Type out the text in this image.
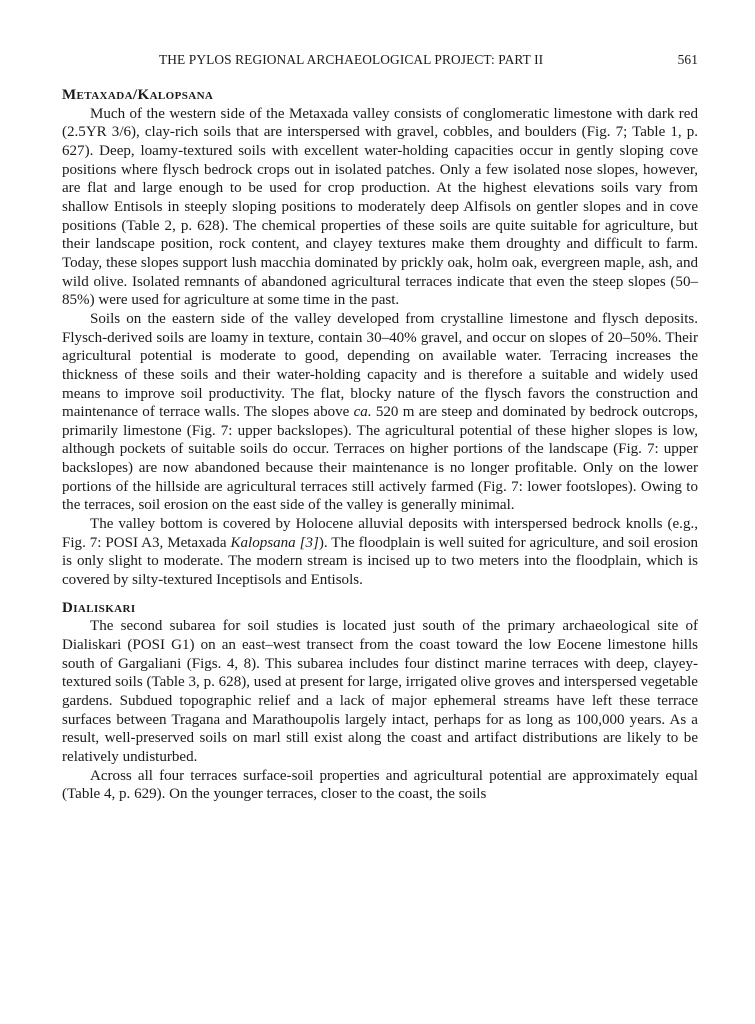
THE PYLOS REGIONAL ARCHAEOLOGICAL PROJECT: PART II	561
Metaxada/Kalopsana

Much of the western side of the Metaxada valley consists of conglomeratic limestone with dark red (2.5YR 3/6), clay-rich soils that are interspersed with gravel, cobbles, and boulders (Fig. 7; Table 1, p. 627). Deep, loamy-textured soils with excellent water-holding capacities occur in gently sloping cove positions where flysch bedrock crops out in isolated patches. Only a few isolated nose slopes, however, are flat and large enough to be used for crop production. At the highest elevations soils vary from shallow Entisols in steeply sloping positions to moderately deep Alfisols on gentler slopes and in cove positions (Table 2, p. 628). The chemical properties of these soils are quite suitable for agriculture, but their landscape position, rock content, and clayey textures make them droughty and difficult to farm. Today, these slopes support lush macchia dominated by prickly oak, holm oak, evergreen maple, ash, and wild olive. Isolated remnants of abandoned agricultural terraces indicate that even the steep slopes (50–85%) were used for agriculture at some time in the past.

Soils on the eastern side of the valley developed from crystalline limestone and flysch deposits. Flysch-derived soils are loamy in texture, contain 30–40% gravel, and occur on slopes of 20–50%. Their agricultural potential is moderate to good, depending on available water. Terracing increases the thickness of these soils and their water-holding capacity and is therefore a suitable and widely used means to improve soil productivity. The flat, blocky nature of the flysch favors the construction and maintenance of terrace walls. The slopes above ca. 520 m are steep and dominated by bedrock outcrops, primarily limestone (Fig. 7: upper backslopes). The agricultural potential of these higher slopes is low, although pockets of suitable soils do occur. Terraces on higher portions of the landscape (Fig. 7: upper backslopes) are now abandoned because their maintenance is no longer profitable. Only on the lower portions of the hillside are agricultural terraces still actively farmed (Fig. 7: lower footslopes). Owing to the terraces, soil erosion on the east side of the valley is generally minimal.

The valley bottom is covered by Holocene alluvial deposits with interspersed bedrock knolls (e.g., Fig. 7: POSI A3, Metaxada Kalopsana [3]). The floodplain is well suited for agriculture, and soil erosion is only slight to moderate. The modern stream is incised up to two meters into the floodplain, which is covered by silty-textured Inceptisols and Entisols.

Dialiskari

The second subarea for soil studies is located just south of the primary archaeological site of Dialiskari (POSI G1) on an east–west transect from the coast toward the low Eocene limestone hills south of Gargaliani (Figs. 4, 8). This subarea includes four distinct marine terraces with deep, clayey-textured soils (Table 3, p. 628), used at present for large, irrigated olive groves and interspersed vegetable gardens. Subdued topographic relief and a lack of major ephemeral streams have left these terrace surfaces between Tragana and Marathoupolis largely intact, perhaps for as long as 100,000 years. As a result, well-preserved soils on marl still exist along the coast and artifact distributions are likely to be relatively undisturbed.

Across all four terraces surface-soil properties and agricultural potential are approximately equal (Table 4, p. 629). On the younger terraces, closer to the coast, the soils
